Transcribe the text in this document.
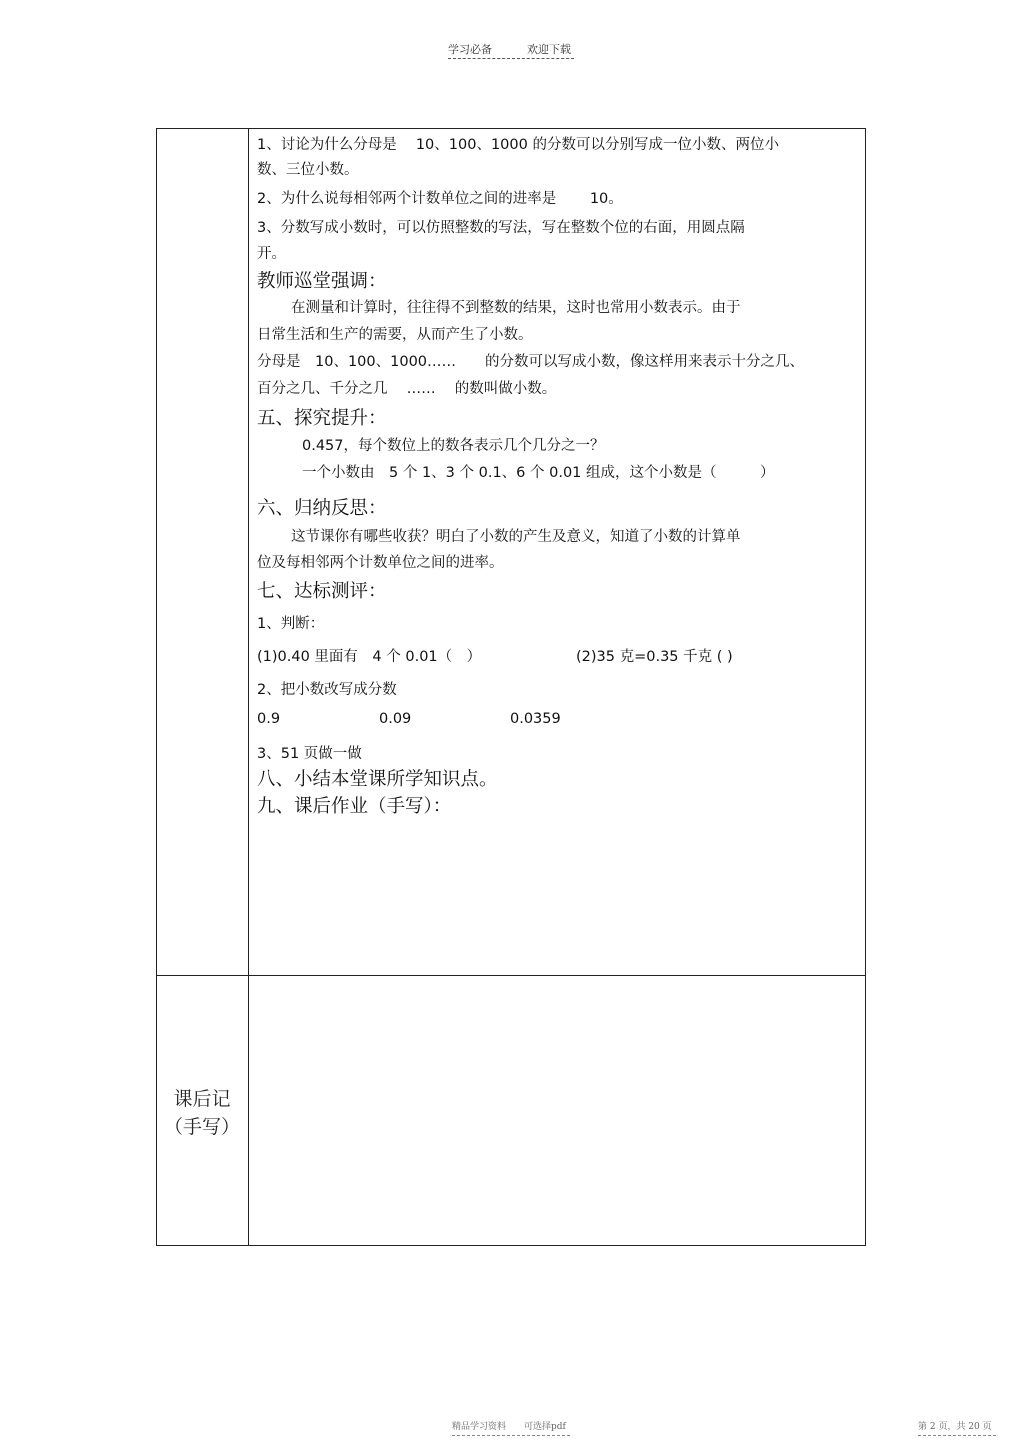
学习必备	欢迎下载
1、讨论为什么分母是　 10、100、1000 的分数可以分别写成一位小数、两位小
数、三位小数。
2、为什么说每相邻两个计数单位之间的进率是　　 10。
3、分数写成小数时，可以仿照整数的写法，写在整数个位的右面，用圆点隔
开。
教师巡堂强调：
在测量和计算时，往往得不到整数的结果，这时也常用小数表示。由于
日常生活和生产的需要，从而产生了小数。
分母是　10、100、1000……　　的分数可以写成小数，像这样用来表示十分之几、
百分之几、千分之几　 ……　 的数叫做小数。
五、探究提升：
0.457，每个数位上的数各表示几个几分之一？
一个小数由　5 个 1、3 个 0.1、6 个 0.01 组成，这个小数是（　　　）
六、归纳反思：
这节课你有哪些收获？明白了小数的产生及意义，知道了小数的计算单
位及每相邻两个计数单位之间的进率。
七、达标测评：
1、判断：
(1)0.40 里面有　4 个 0.01（　）	(2)35 克=0.35 千克 ( )
2、把小数改写成分数
0.9	0.09	0.0359
3、51 页做一做
八、小结本堂课所学知识点。
九、课后作业（手写）：
课后记
（手写）
精品学习资料　　可选择pdf	第 2 页，共 20 页
